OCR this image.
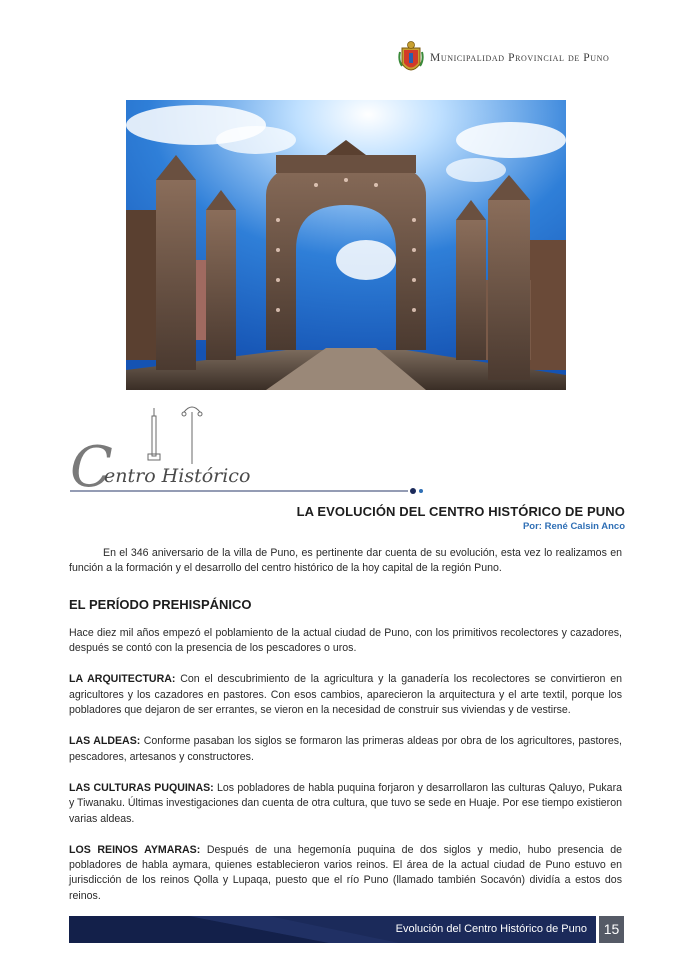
Municipalidad Provincial de Puno
C
entro Histórico
LA EVOLUCIÓN DEL CENTRO HISTÓRICO DE PUNO
Por: René Calsin Anco

En el 346 aniversario de la villa de Puno, es pertinente dar cuenta de su evolución, esta vez lo realizamos en función a la formación y el desarrollo del centro histórico de la hoy capital de la región Puno.

EL PERÍODO PREHISPÁNICO

Hace diez mil años empezó el poblamiento de la actual ciudad de Puno, con los primitivos recolectores y cazadores, después se contó con la presencia de los pescadores o uros.

LA ARQUITECTURA: Con el descubrimiento de la agricultura y la ganadería los recolectores se convirtieron en agricultores y los cazadores en pastores. Con esos cambios, aparecieron la arquitectura y el arte textil, porque los pobladores que dejaron de ser errantes, se vieron en la necesidad de construir sus viviendas y de vestirse.

LAS ALDEAS: Conforme pasaban los siglos se formaron las primeras aldeas por obra de los agricultores, pastores, pescadores, artesanos y constructores.

LAS CULTURAS PUQUINAS: Los pobladores de habla puquina forjaron y desarrollaron las culturas Qaluyo, Pukara y Tiwanaku. Últimas investigaciones dan cuenta de otra cultura, que tuvo se sede en Huaje. Por ese tiempo existieron varias aldeas.

LOS REINOS AYMARAS: Después de una hegemonía puquina de dos siglos y medio, hubo presencia de pobladores de habla aymara, quienes establecieron varios reinos. El área de la actual ciudad de Puno estuvo en jurisdicción de los reinos Qolla y Lupaqa, puesto que el río Puno (llamado también Socavón) dividía a estos dos reinos.

Evolución del Centro Histórico de Puno	15
